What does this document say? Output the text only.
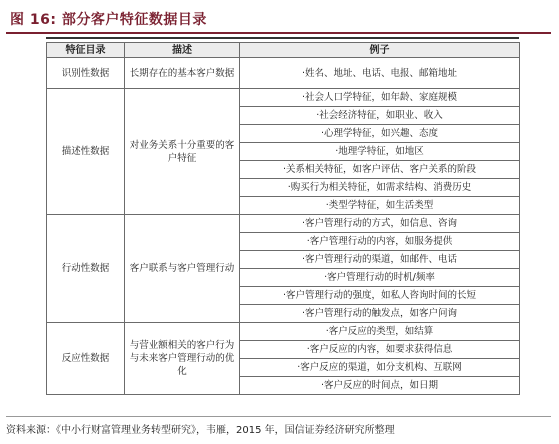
图 16: 部分客户特征数据目录
特征目录	描述	例子
识别性数据	长期存在的基本客户数据	·姓名、地址、电话、电报、邮箱地址
描述性数据	对业务关系十分重要的客户特征	·社会人口学特征，如年龄、家庭规模
		·社会经济特征，如职业、收入
		·心理学特征，如兴趣、态度
		·地理学特征，如地区
		·关系相关特征，如客户评估、客户关系的阶段
		·购买行为相关特征，如需求结构、消费历史
		·类型学特征，如生活类型
行动性数据	客户联系与客户管理行动	·客户管理行动的方式，如信息、咨询
		·客户管理行动的内容，如服务提供
		·客户管理行动的渠道，如邮件、电话
		·客户管理行动的时机/频率
		·客户管理行动的强度，如私人咨询时间的长短
		·客户管理行动的触发点，如客户问询
反应性数据	与营业额相关的客户行为与未来客户管理行动的优化	·客户反应的类型，如结算
		·客户反应的内容，如要求获得信息
		·客户反应的渠道，如分支机构、互联网
		·客户反应的时间点，如日期
资料来源：《中小行财富管理业务转型研究》，韦雁，2015 年，国信证券经济研究所整理
